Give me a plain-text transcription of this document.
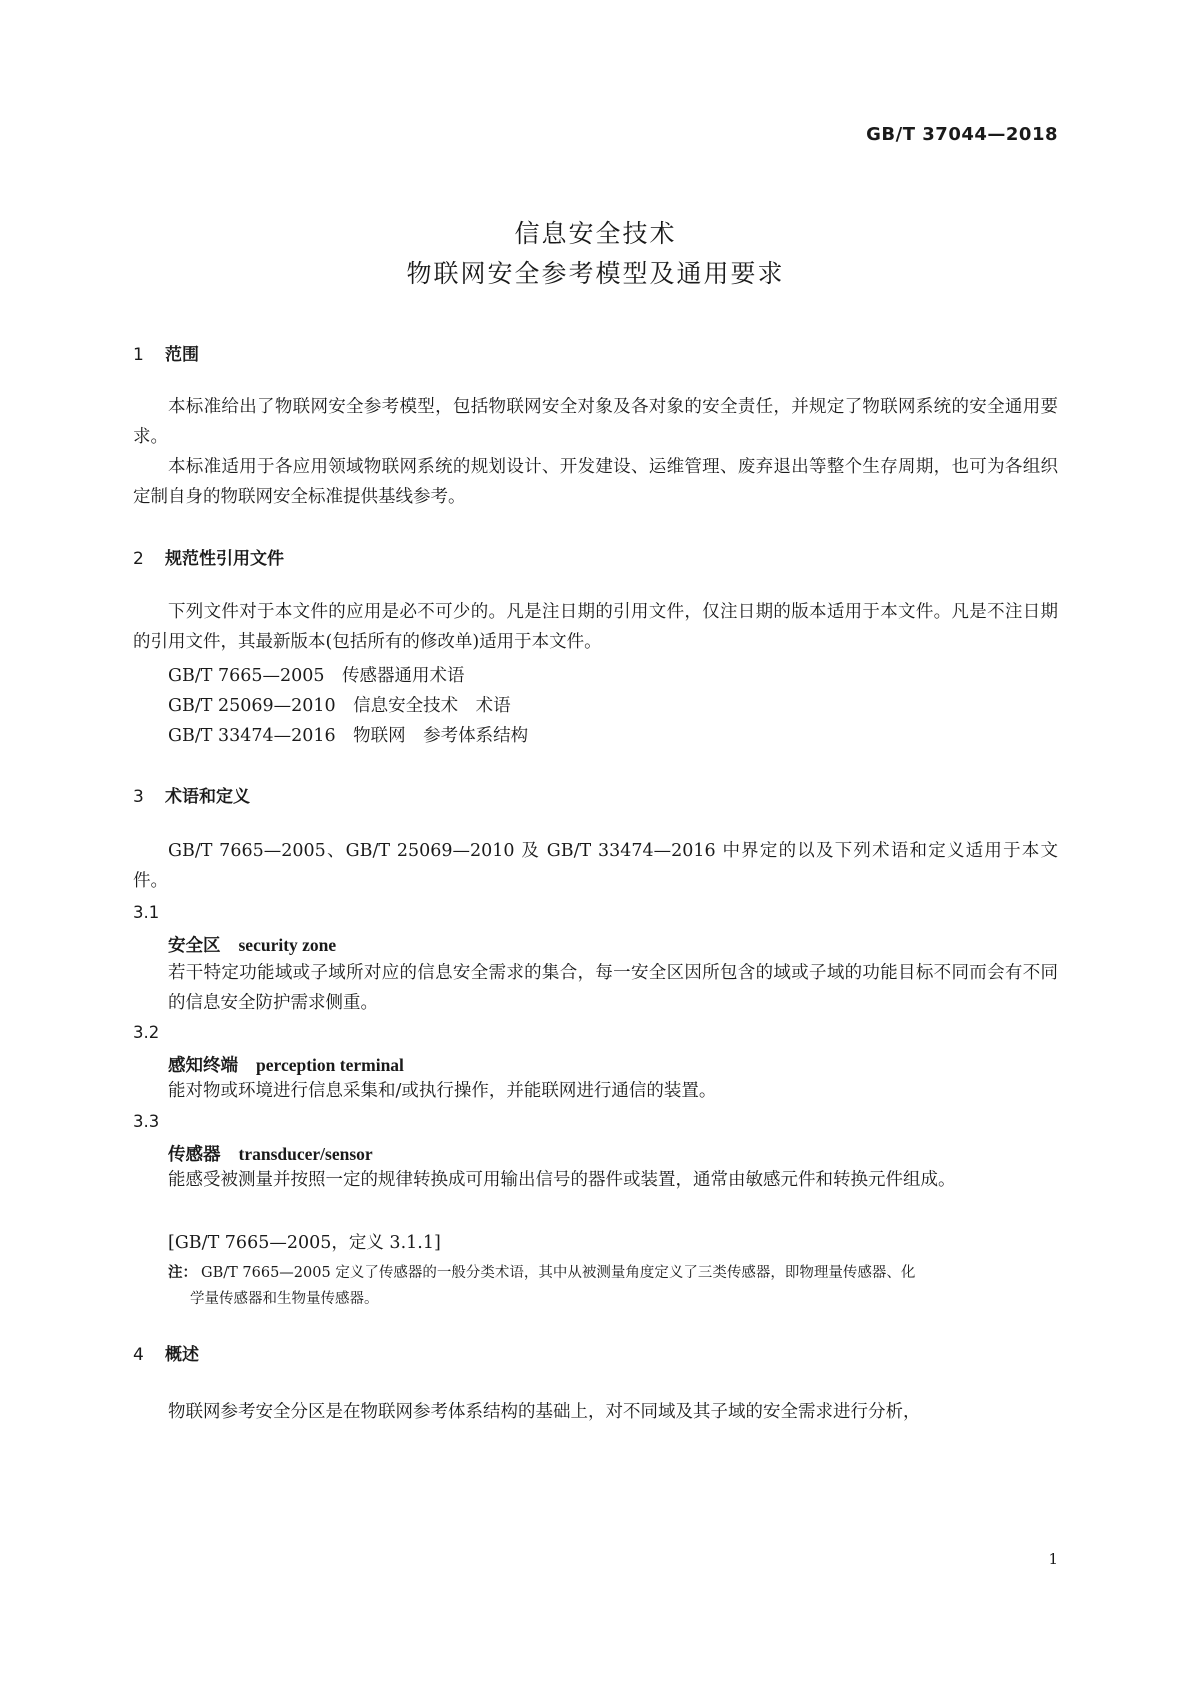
GB/T 37044—2018
信息安全技术
物联网安全参考模型及通用要求
1 范围

本标准给出了物联网安全参考模型，包括物联网安全对象及各对象的安全责任，并规定了物联网系统的安全通用要求。

本标准适用于各应用领域物联网系统的规划设计、开发建设、运维管理、废弃退出等整个生存周期，也可为各组织定制自身的物联网安全标准提供基线参考。

2 规范性引用文件

下列文件对于本文件的应用是必不可少的。凡是注日期的引用文件，仅注日期的版本适用于本文件。凡是不注日期的引用文件，其最新版本(包括所有的修改单)适用于本文件。

GB/T 7665—2005　传感器通用术语
GB/T 25069—2010　信息安全技术　术语
GB/T 33474—2016　物联网　参考体系结构
3 术语和定义

GB/T 7665—2005、GB/T 25069—2010 及 GB/T 33474—2016 中界定的以及下列术语和定义适用于本文件。

3.1
安全区 security zone
若干特定功能域或子域所对应的信息安全需求的集合，每一安全区因所包含的域或子域的功能目标不同而会有不同的信息安全防护需求侧重。
3.2
感知终端 perception terminal
能对物或环境进行信息采集和/或执行操作，并能联网进行通信的装置。
3.3
传感器 transducer/sensor
能感受被测量并按照一定的规律转换成可用输出信号的器件或装置，通常由敏感元件和转换元件组成。
[GB/T 7665—2005，定义 3.1.1]
注： GB/T 7665—2005 定义了传感器的一般分类术语，其中从被测量角度定义了三类传感器，即物理量传感器、化
学量传感器和生物量传感器。
4 概述

物联网参考安全分区是在物联网参考体系结构的基础上，对不同域及其子域的安全需求进行分析，

1
